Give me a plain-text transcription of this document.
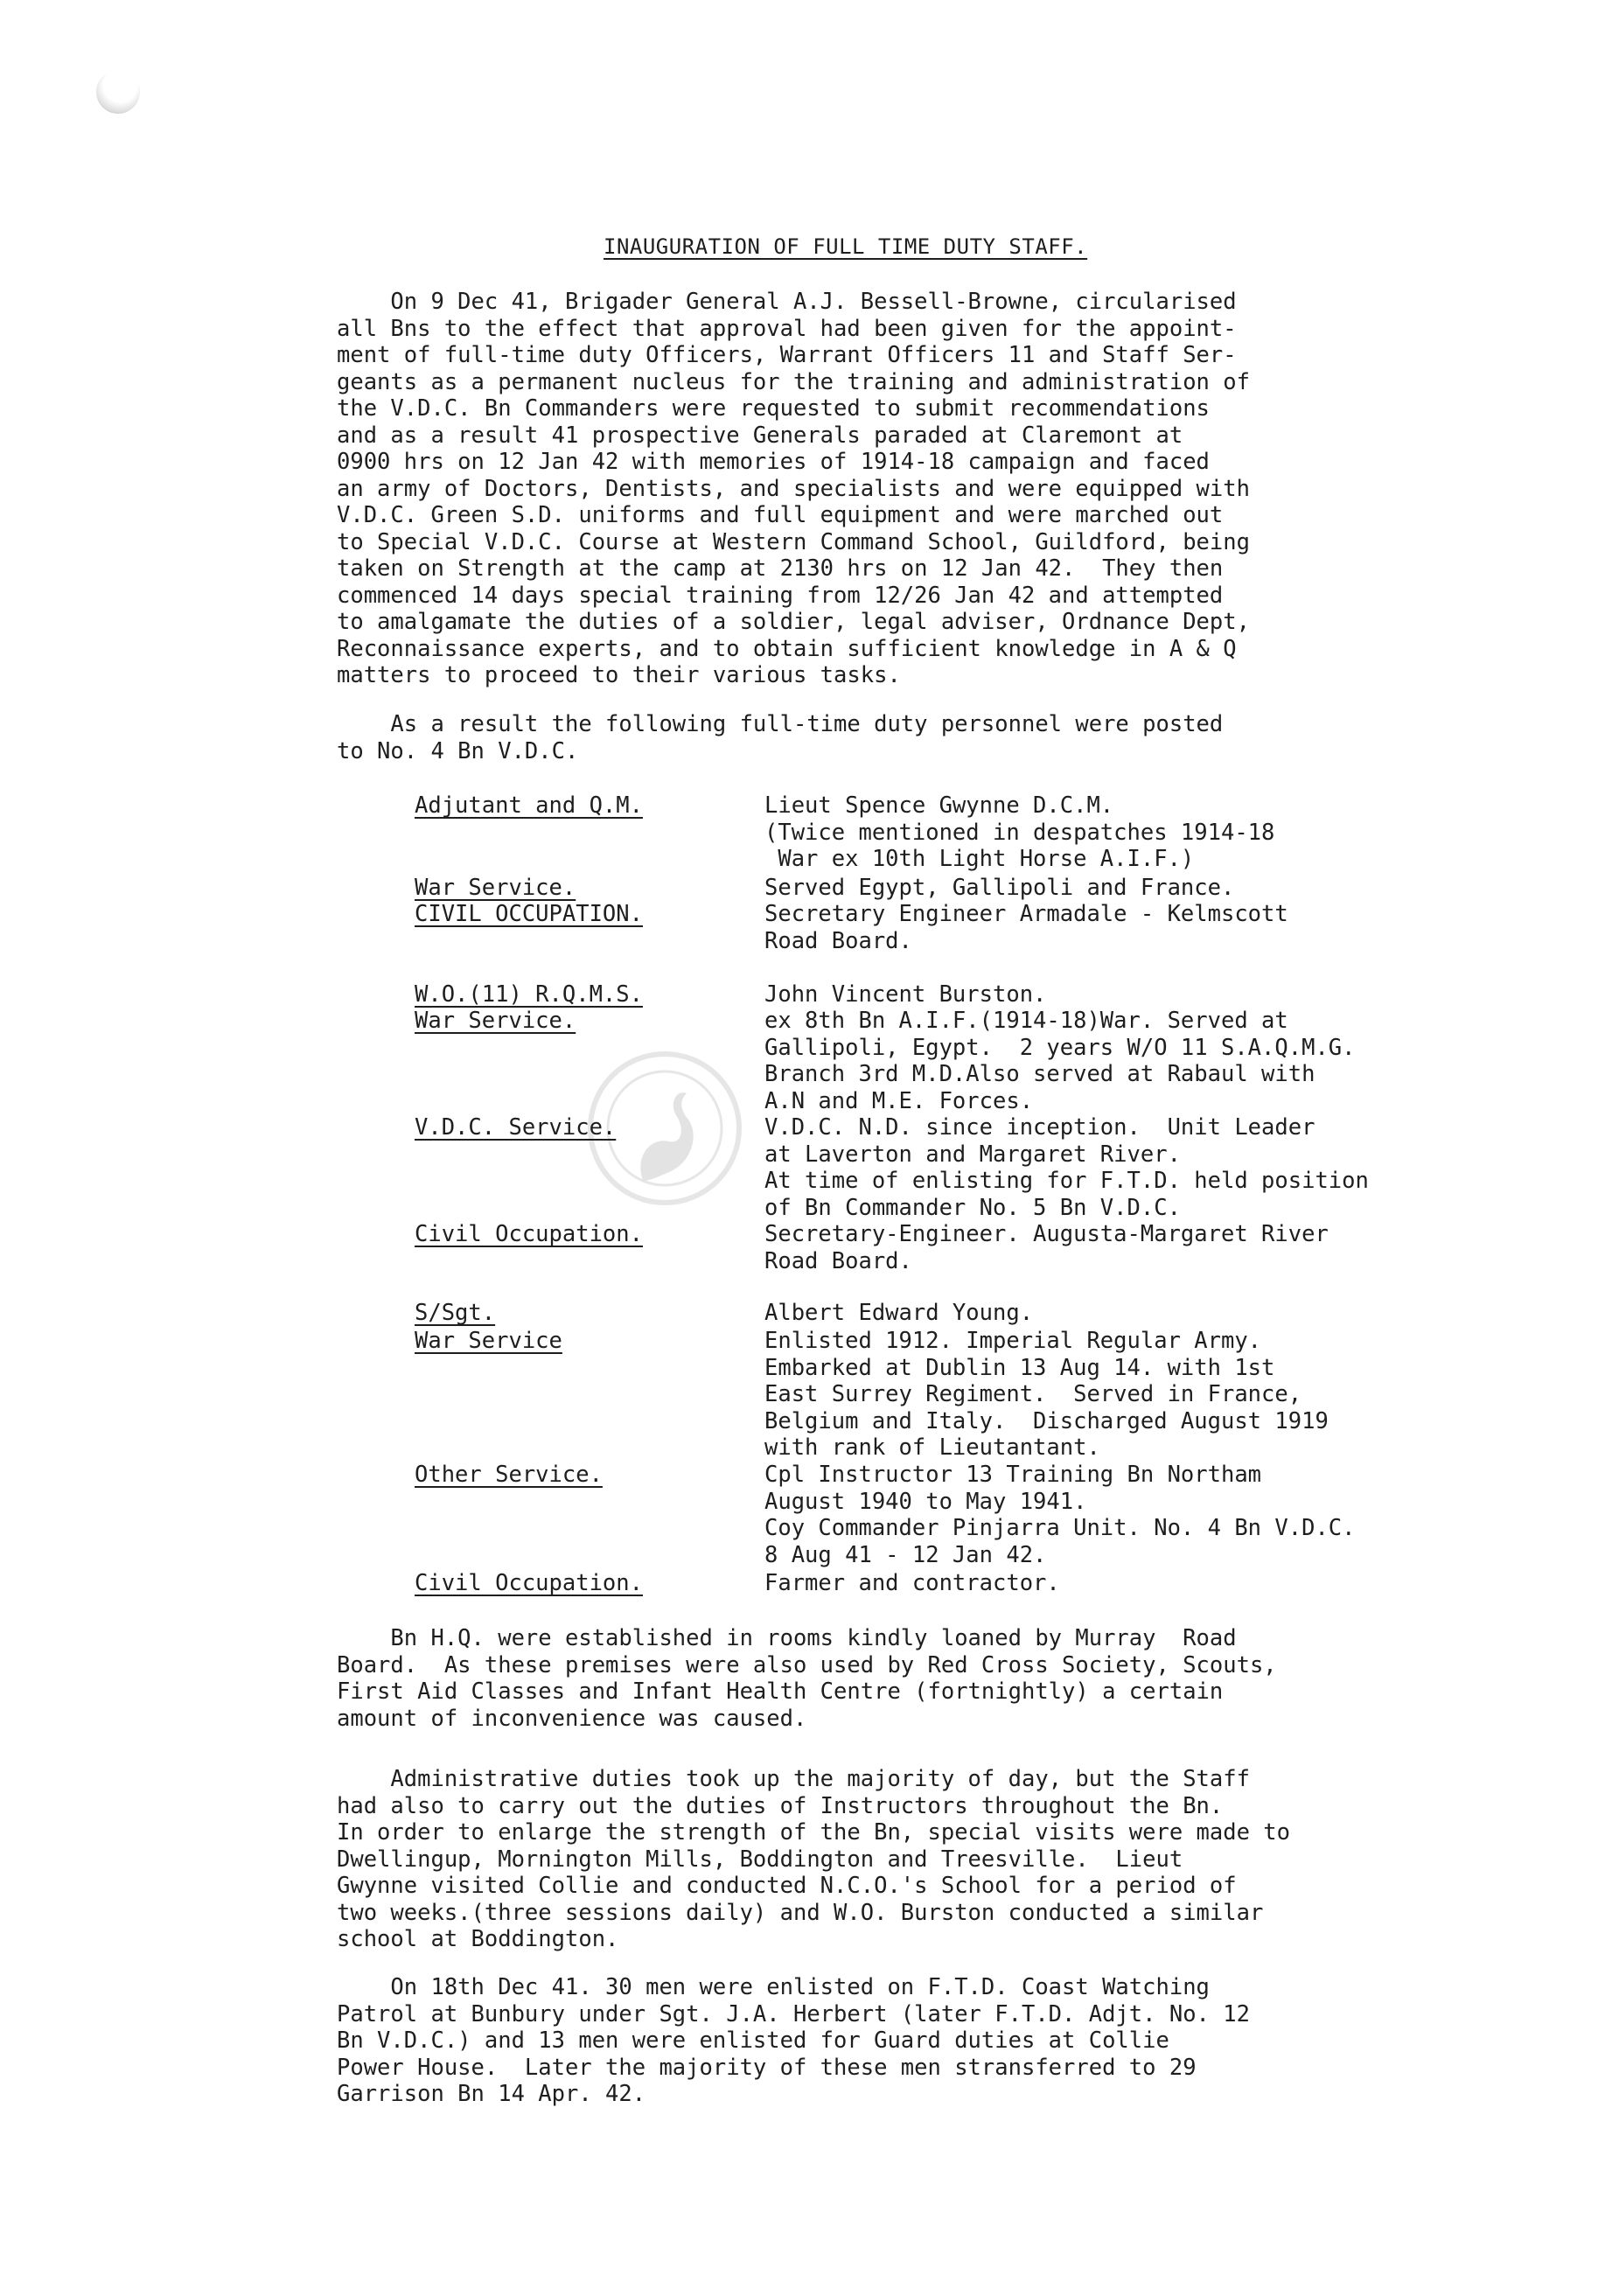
INAUGURATION OF FULL TIME DUTY STAFF.
On 9 Dec 41, Brigader General A.J. Bessell-Browne, circularised
all Bns to the effect that approval had been given for the appoint-
ment of full-time duty Officers, Warrant Officers 11 and Staff Ser-
geants as a permanent nucleus for the training and administration of
the V.D.C. Bn Commanders were requested to submit recommendations
and as a result 41 prospective Generals paraded at Claremont at
0900 hrs on 12 Jan 42 with memories of 1914-18 campaign and faced
an army of Doctors, Dentists, and specialists and were equipped with
V.D.C. Green S.D. uniforms and full equipment and were marched out
to Special V.D.C. Course at Western Command School, Guildford, being
taken on Strength at the camp at 2130 hrs on 12 Jan 42.  They then
commenced 14 days special training from 12/26 Jan 42 and attempted
to amalgamate the duties of a soldier, legal adviser, Ordnance Dept,
Reconnaissance experts, and to obtain sufficient knowledge in A & Q
matters to proceed to their various tasks.
As a result the following full-time duty personnel were posted
to No. 4 Bn V.D.C.
Adjutant and Q.M.	Lieut Spence Gwynne D.C.M.
(Twice mentioned in despatches 1914-18
War ex 10th Light Horse A.I.F.)
War Service.	Served Egypt, Gallipoli and France.
CIVIL OCCUPATION.	Secretary Engineer Armadale - Kelmscott
Road Board.
W.O.(11) R.Q.M.S.	John Vincent Burston.
War Service.	ex 8th Bn A.I.F.(1914-18)War. Served at
Gallipoli, Egypt.  2 years W/O 11 S.A.Q.M.G.
Branch 3rd M.D.Also served at Rabaul with
A.N and M.E. Forces.
V.D.C. Service.	V.D.C. N.D. since inception.  Unit Leader
at Laverton and Margaret River.
At time of enlisting for F.T.D. held position
of Bn Commander No. 5 Bn V.D.C.
Civil Occupation.	Secretary-Engineer. Augusta-Margaret River
Road Board.
S/Sgt.	Albert Edward Young.
War Service	Enlisted 1912. Imperial Regular Army.
Embarked at Dublin 13 Aug 14. with 1st
East Surrey Regiment.  Served in France,
Belgium and Italy.  Discharged August 1919
with rank of Lieutantant.
Other Service.	Cpl Instructor 13 Training Bn Northam
August 1940 to May 1941.
Coy Commander Pinjarra Unit. No. 4 Bn V.D.C.
8 Aug 41 - 12 Jan 42.
Civil Occupation.	Farmer and contractor.
Bn H.Q. were established in rooms kindly loaned by Murray  Road
Board.  As these premises were also used by Red Cross Society, Scouts,
First Aid Classes and Infant Health Centre (fortnightly) a certain
amount of inconvenience was caused.
Administrative duties took up the majority of day, but the Staff
had also to carry out the duties of Instructors throughout the Bn.
In order to enlarge the strength of the Bn, special visits were made to
Dwellingup, Mornington Mills, Boddington and Treesville.  Lieut
Gwynne visited Collie and conducted N.C.O.'s School for a period of
two weeks.(three sessions daily) and W.O. Burston conducted a similar
school at Boddington.
On 18th Dec 41. 30 men were enlisted on F.T.D. Coast Watching
Patrol at Bunbury under Sgt. J.A. Herbert (later F.T.D. Adjt. No. 12
Bn V.D.C.) and 13 men were enlisted for Guard duties at Collie
Power House.  Later the majority of these men stransferred to 29
Garrison Bn 14 Apr. 42.
